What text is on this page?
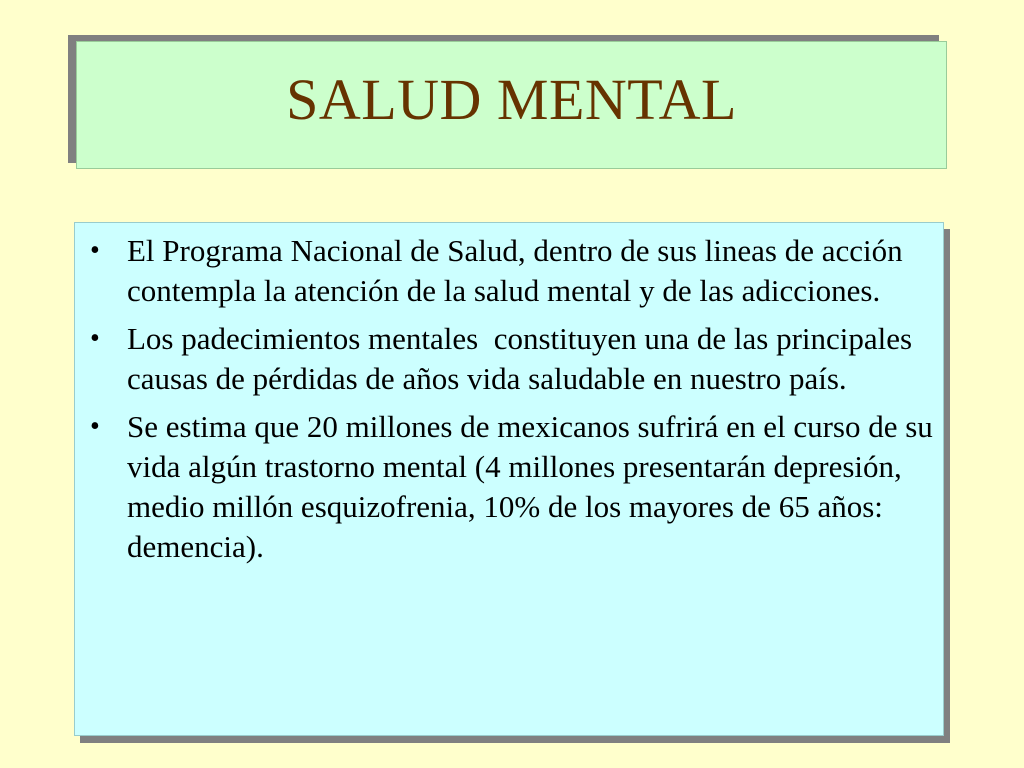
SALUD MENTAL
• El Programa Nacional de Salud, dentro de sus lineas de acción contempla la atención de la salud mental y de las adicciones.
• Los padecimientos mentales  constituyen una de las principales causas de pérdidas de años vida saludable en nuestro país.
• Se estima que 20 millones de mexicanos sufrirá en el curso de su vida algún trastorno mental (4 millones presentarán depresión, medio millón esquizofrenia, 10% de los mayores de 65 años: demencia).
